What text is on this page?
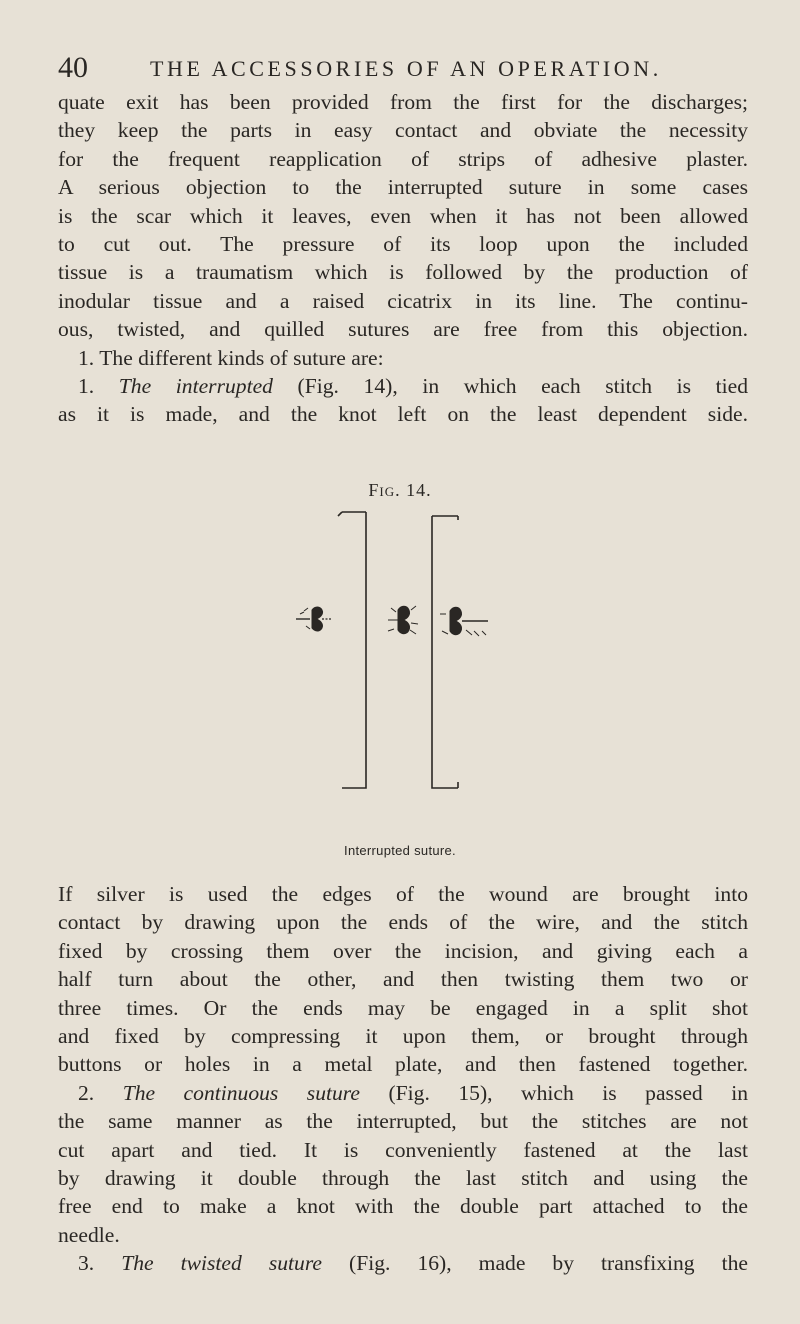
40	THE ACCESSORIES OF AN OPERATION.
quate exit has been provided from the first for the discharges;
they keep the parts in easy contact and obviate the necessity
for the frequent reapplication of strips of adhesive plaster.
A serious objection to the interrupted suture in some cases
is the scar which it leaves, even when it has not been allowed
to cut out. The pressure of its loop upon the included
tissue is a traumatism which is followed by the production of
inodular tissue and a raised cicatrix in its line. The continu-
ous, twisted, and quilled sutures are free from this objection.
1. The different kinds of suture are:
1. The interrupted (Fig. 14), in which each stitch is tied
as it is made, and the knot left on the least dependent side.
Fig. 14.
Interrupted suture.
If silver is used the edges of the wound are brought into
contact by drawing upon the ends of the wire, and the stitch
fixed by crossing them over the incision, and giving each a
half turn about the other, and then twisting them two or
three times. Or the ends may be engaged in a split shot
and fixed by compressing it upon them, or brought through
buttons or holes in a metal plate, and then fastened together.
2. The continuous suture (Fig. 15), which is passed in
the same manner as the interrupted, but the stitches are not
cut apart and tied. It is conveniently fastened at the last
by drawing it double through the last stitch and using the
free end to make a knot with the double part attached to the
needle.
3. The twisted suture (Fig. 16), made by transfixing the
